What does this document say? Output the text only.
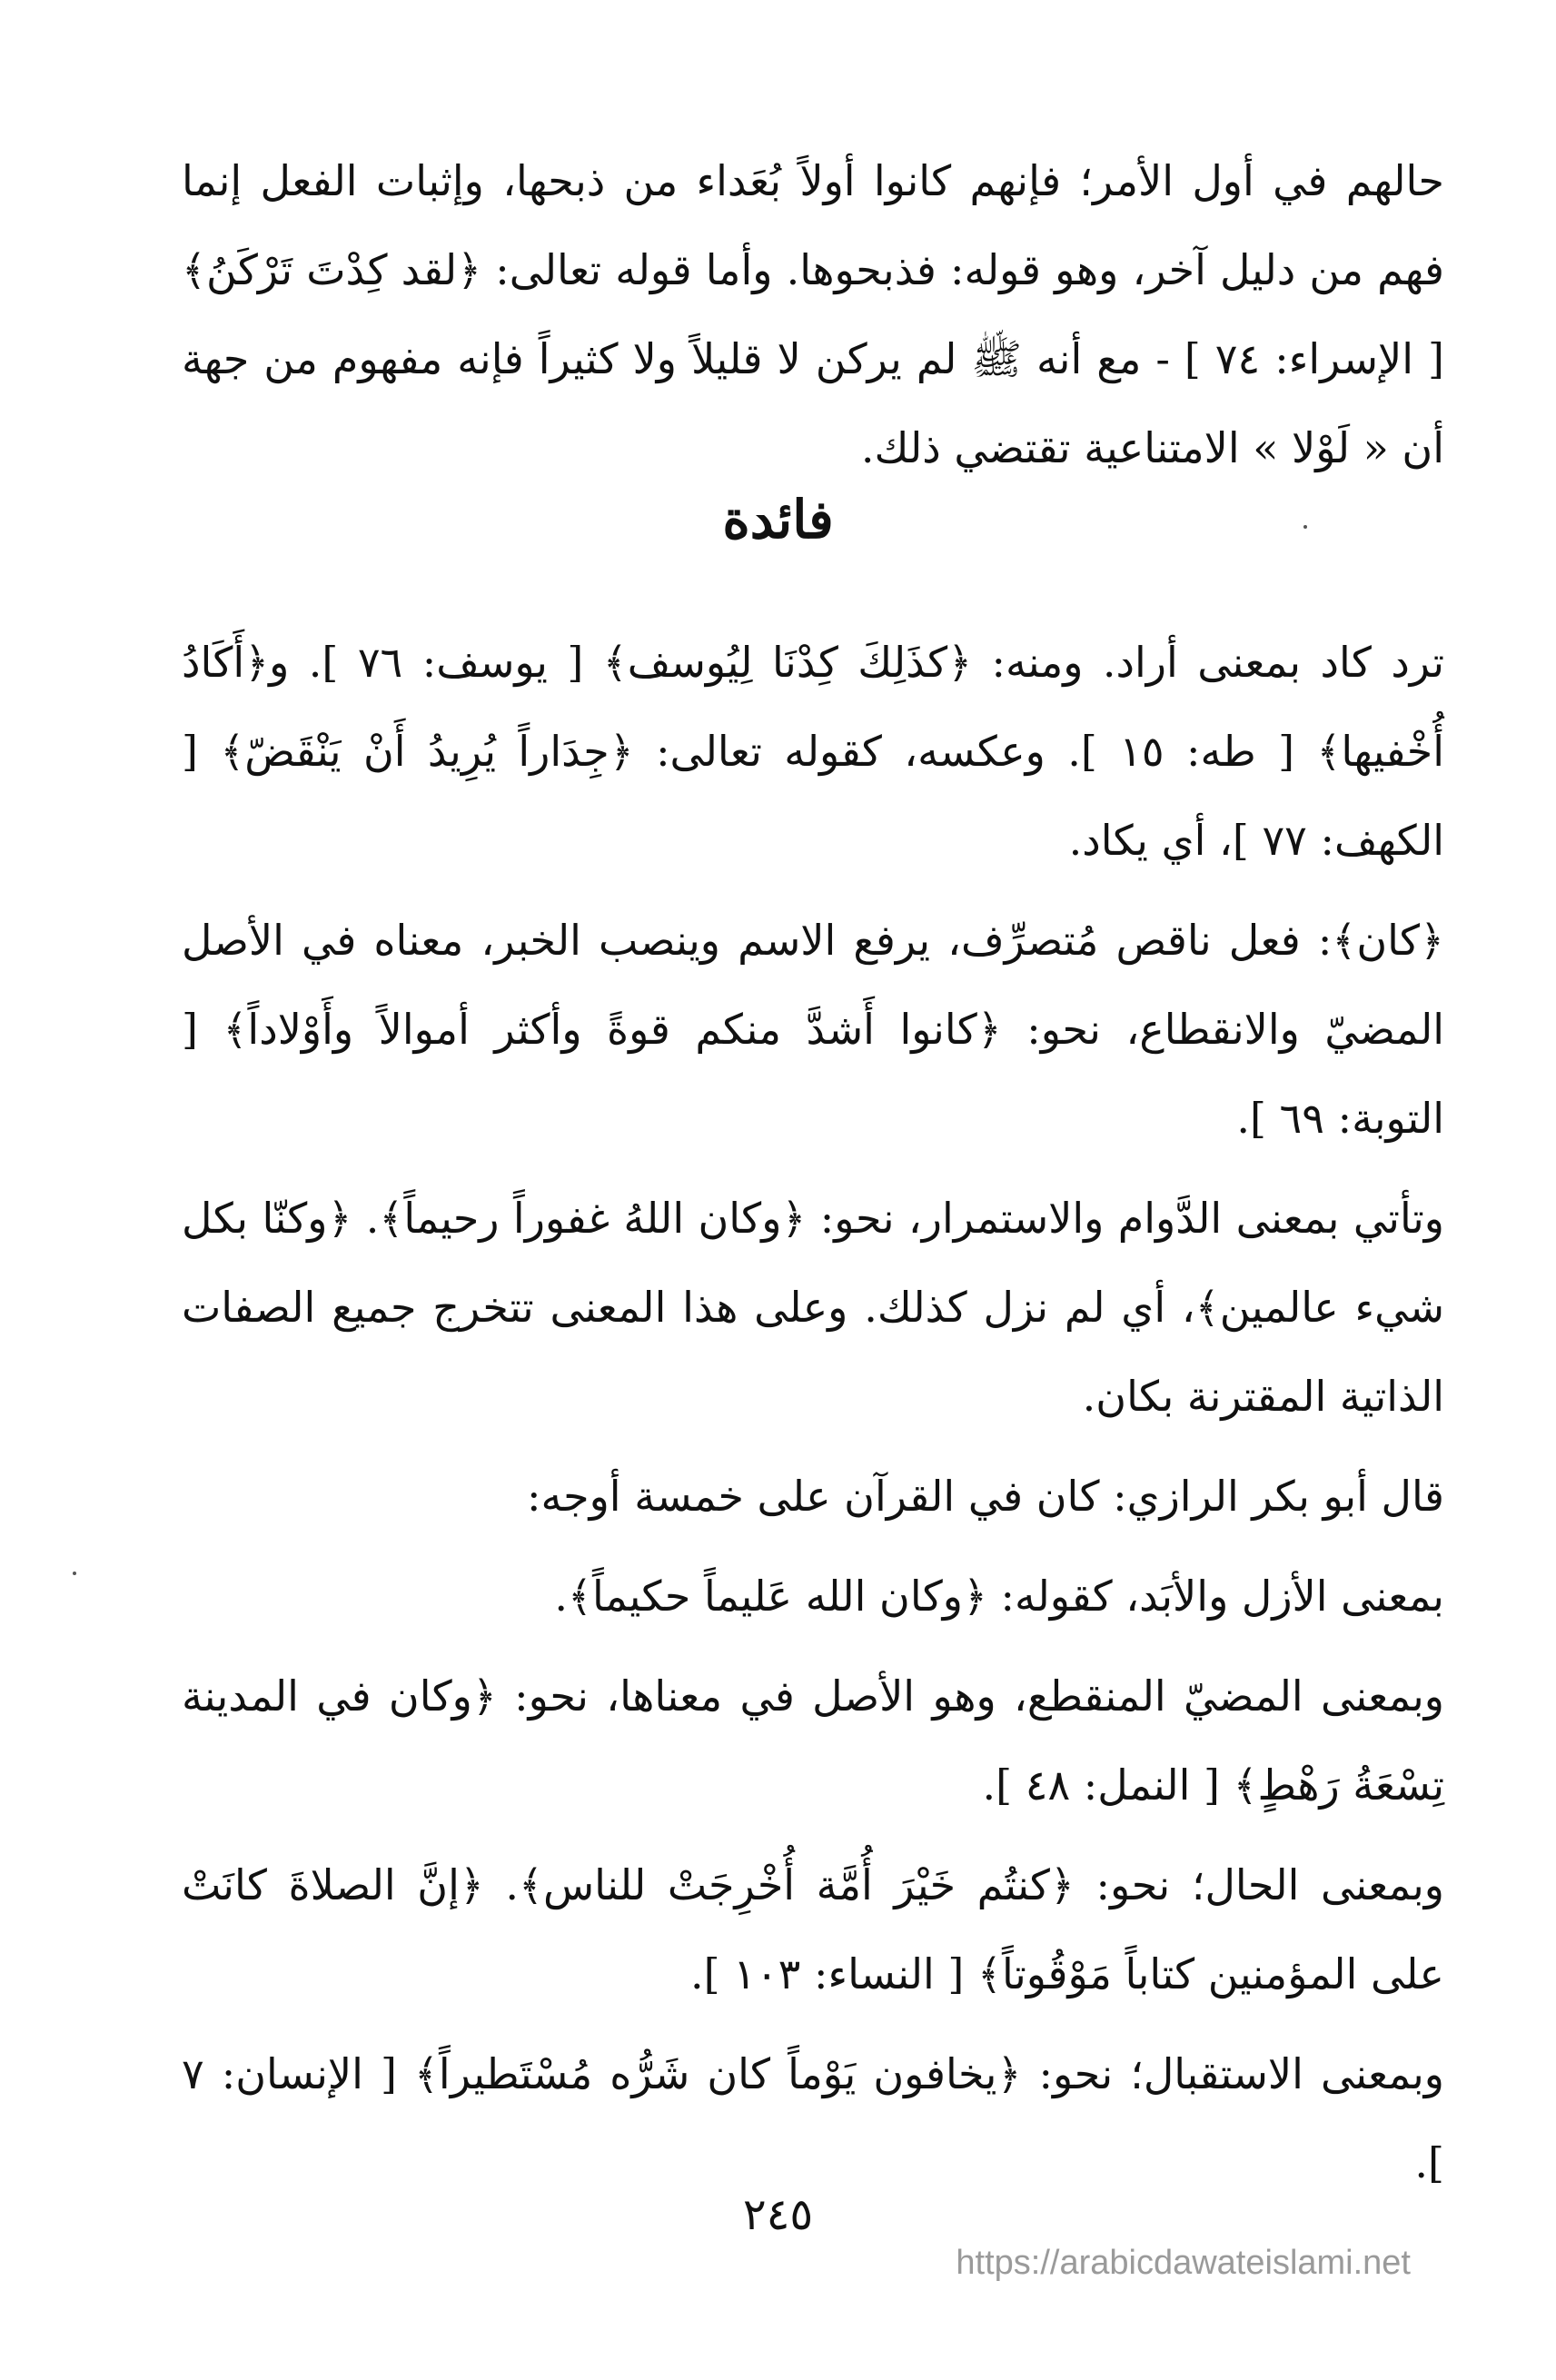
حالهم في أول الأمر؛ فإنهم كانوا أولاً بُعَداء من ذبحها، وإثبات الفعل إنما فهم من دليل آخر، وهو قوله: فذبحوها. وأما قوله تعالى: ﴿لقد كِدْتَ تَرْكَنُ﴾ [ الإسراء: ٧٤ ] - مع أنه ﷺ لم يركن لا قليلاً ولا كثيراً فإنه مفهوم من جهة أن « لَوْلا » الامتناعية تقتضي ذلك.

فائدة

ترد كاد بمعنى أراد. ومنه: ﴿كذَلِكَ كِدْنَا لِيُوسف﴾ [ يوسف: ٧٦ ]. و﴿أَكَادُ أُخْفيها﴾ [ طه: ١٥ ]. وعكسه، كقوله تعالى: ﴿جِدَاراً يُرِيدُ أَنْ يَنْقَضّ﴾ [ الكهف: ٧٧ ]، أي يكاد.

﴿كان﴾: فعل ناقص مُتصرِّف، يرفع الاسم وينصب الخبر، معناه في الأصل المضيّ والانقطاع، نحو: ﴿كانوا أَشدَّ منكم قوةً وأكثر أموالاً وأَوْلاداً﴾ [ التوبة: ٦٩ ].

وتأتي بمعنى الدَّوام والاستمرار، نحو: ﴿وكان اللهُ غفوراً رحيماً﴾. ﴿وكنّا بكل شيء عالمين﴾، أي لم نزل كذلك. وعلى هذا المعنى تتخرج جميع الصفات الذاتية المقترنة بكان.

قال أبو بكر الرازي: كان في القرآن على خمسة أوجه:

بمعنى الأزل والأبَد، كقوله: ﴿وكان الله عَليماً حكيماً﴾.

وبمعنى المضيّ المنقطع، وهو الأصل في معناها، نحو: ﴿وكان في المدينة تِسْعَةُ رَهْطٍ﴾ [ النمل: ٤٨ ].

وبمعنى الحال؛ نحو: ﴿كنتُم خَيْرَ أُمَّة أُخْرِجَتْ للناس﴾. ﴿إنَّ الصلاةَ كانَتْ على المؤمنين كتاباً مَوْقُوتاً﴾ [ النساء: ١٠٣ ].

وبمعنى الاستقبال؛ نحو: ﴿يخافون يَوْماً كان شَرُّه مُسْتَطيراً﴾ [ الإنسان: ٧ ].

٢٤٥
https://arabicdawateislami.net
